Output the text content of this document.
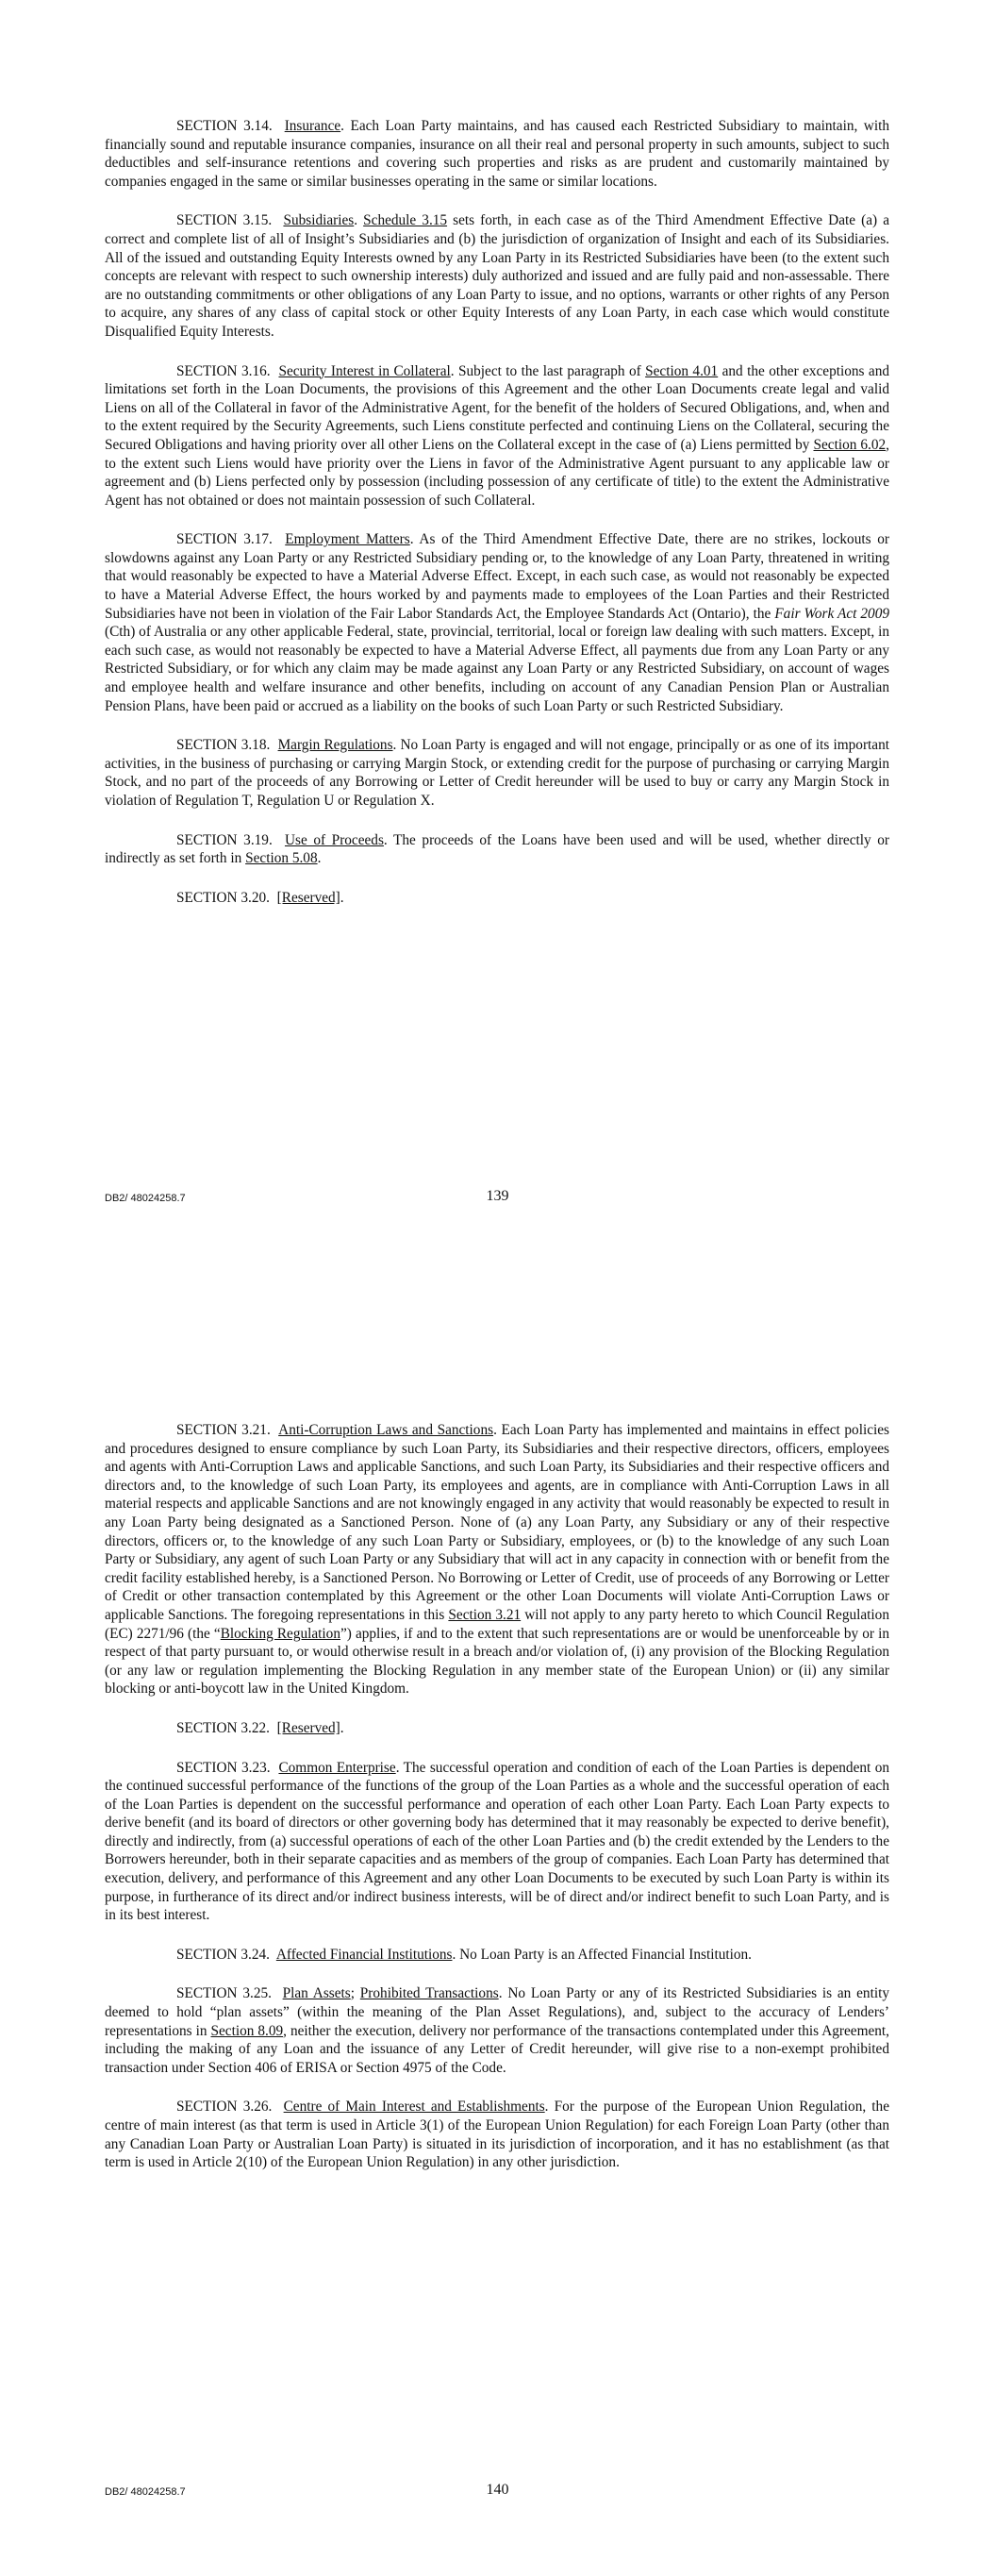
SECTION 3.14. Insurance. Each Loan Party maintains, and has caused each Restricted Subsidiary to maintain, with financially sound and reputable insurance companies, insurance on all their real and personal property in such amounts, subject to such deductibles and self-insurance retentions and covering such properties and risks as are prudent and customarily maintained by companies engaged in the same or similar businesses operating in the same or similar locations.

SECTION 3.15. Subsidiaries. Schedule 3.15 sets forth, in each case as of the Third Amendment Effective Date (a) a correct and complete list of all of Insight’s Subsidiaries and (b) the jurisdiction of organization of Insight and each of its Subsidiaries. All of the issued and outstanding Equity Interests owned by any Loan Party in its Restricted Subsidiaries have been (to the extent such concepts are relevant with respect to such ownership interests) duly authorized and issued and are fully paid and non-assessable. There are no outstanding commitments or other obligations of any Loan Party to issue, and no options, warrants or other rights of any Person to acquire, any shares of any class of capital stock or other Equity Interests of any Loan Party, in each case which would constitute Disqualified Equity Interests.

SECTION 3.16. Security Interest in Collateral. Subject to the last paragraph of Section 4.01 and the other exceptions and limitations set forth in the Loan Documents, the provisions of this Agreement and the other Loan Documents create legal and valid Liens on all of the Collateral in favor of the Administrative Agent, for the benefit of the holders of Secured Obligations, and, when and to the extent required by the Security Agreements, such Liens constitute perfected and continuing Liens on the Collateral, securing the Secured Obligations and having priority over all other Liens on the Collateral except in the case of (a) Liens permitted by Section 6.02, to the extent such Liens would have priority over the Liens in favor of the Administrative Agent pursuant to any applicable law or agreement and (b) Liens perfected only by possession (including possession of any certificate of title) to the extent the Administrative Agent has not obtained or does not maintain possession of such Collateral.

SECTION 3.17. Employment Matters. As of the Third Amendment Effective Date, there are no strikes, lockouts or slowdowns against any Loan Party or any Restricted Subsidiary pending or, to the knowledge of any Loan Party, threatened in writing that would reasonably be expected to have a Material Adverse Effect. Except, in each such case, as would not reasonably be expected to have a Material Adverse Effect, the hours worked by and payments made to employees of the Loan Parties and their Restricted Subsidiaries have not been in violation of the Fair Labor Standards Act, the Employee Standards Act (Ontario), the Fair Work Act 2009 (Cth) of Australia or any other applicable Federal, state, provincial, territorial, local or foreign law dealing with such matters. Except, in each such case, as would not reasonably be expected to have a Material Adverse Effect, all payments due from any Loan Party or any Restricted Subsidiary, or for which any claim may be made against any Loan Party or any Restricted Subsidiary, on account of wages and employee health and welfare insurance and other benefits, including on account of any Canadian Pension Plan or Australian Pension Plans, have been paid or accrued as a liability on the books of such Loan Party or such Restricted Subsidiary.

SECTION 3.18. Margin Regulations. No Loan Party is engaged and will not engage, principally or as one of its important activities, in the business of purchasing or carrying Margin Stock, or extending credit for the purpose of purchasing or carrying Margin Stock, and no part of the proceeds of any Borrowing or Letter of Credit hereunder will be used to buy or carry any Margin Stock in violation of Regulation T, Regulation U or Regulation X.

SECTION 3.19. Use of Proceeds. The proceeds of the Loans have been used and will be used, whether directly or indirectly as set forth in Section 5.08.

SECTION 3.20. [Reserved].

DB2/ 48024258.7	139

SECTION 3.21. Anti-Corruption Laws and Sanctions. Each Loan Party has implemented and maintains in effect policies and procedures designed to ensure compliance by such Loan Party, its Subsidiaries and their respective directors, officers, employees and agents with Anti-Corruption Laws and applicable Sanctions, and such Loan Party, its Subsidiaries and their respective officers and directors and, to the knowledge of such Loan Party, its employees and agents, are in compliance with Anti-Corruption Laws in all material respects and applicable Sanctions and are not knowingly engaged in any activity that would reasonably be expected to result in any Loan Party being designated as a Sanctioned Person. None of (a) any Loan Party, any Subsidiary or any of their respective directors, officers or, to the knowledge of any such Loan Party or Subsidiary, employees, or (b) to the knowledge of any such Loan Party or Subsidiary, any agent of such Loan Party or any Subsidiary that will act in any capacity in connection with or benefit from the credit facility established hereby, is a Sanctioned Person. No Borrowing or Letter of Credit, use of proceeds of any Borrowing or Letter of Credit or other transaction contemplated by this Agreement or the other Loan Documents will violate Anti-Corruption Laws or applicable Sanctions. The foregoing representations in this Section 3.21 will not apply to any party hereto to which Council Regulation (EC) 2271/96 (the “Blocking Regulation”) applies, if and to the extent that such representations are or would be unenforceable by or in respect of that party pursuant to, or would otherwise result in a breach and/or violation of, (i) any provision of the Blocking Regulation (or any law or regulation implementing the Blocking Regulation in any member state of the European Union) or (ii) any similar blocking or anti-boycott law in the United Kingdom.

SECTION 3.22. [Reserved].

SECTION 3.23. Common Enterprise. The successful operation and condition of each of the Loan Parties is dependent on the continued successful performance of the functions of the group of the Loan Parties as a whole and the successful operation of each of the Loan Parties is dependent on the successful performance and operation of each other Loan Party. Each Loan Party expects to derive benefit (and its board of directors or other governing body has determined that it may reasonably be expected to derive benefit), directly and indirectly, from (a) successful operations of each of the other Loan Parties and (b) the credit extended by the Lenders to the Borrowers hereunder, both in their separate capacities and as members of the group of companies. Each Loan Party has determined that execution, delivery, and performance of this Agreement and any other Loan Documents to be executed by such Loan Party is within its purpose, in furtherance of its direct and/or indirect business interests, will be of direct and/or indirect benefit to such Loan Party, and is in its best interest.

SECTION 3.24. Affected Financial Institutions. No Loan Party is an Affected Financial Institution.

SECTION 3.25. Plan Assets; Prohibited Transactions. No Loan Party or any of its Restricted Subsidiaries is an entity deemed to hold “plan assets” (within the meaning of the Plan Asset Regulations), and, subject to the accuracy of Lenders’ representations in Section 8.09, neither the execution, delivery nor performance of the transactions contemplated under this Agreement, including the making of any Loan and the issuance of any Letter of Credit hereunder, will give rise to a non-exempt prohibited transaction under Section 406 of ERISA or Section 4975 of the Code.

SECTION 3.26. Centre of Main Interest and Establishments. For the purpose of the European Union Regulation, the centre of main interest (as that term is used in Article 3(1) of the European Union Regulation) for each Foreign Loan Party (other than any Canadian Loan Party or Australian Loan Party) is situated in its jurisdiction of incorporation, and it has no establishment (as that term is used in Article 2(10) of the European Union Regulation) in any other jurisdiction.

DB2/ 48024258.7	140
